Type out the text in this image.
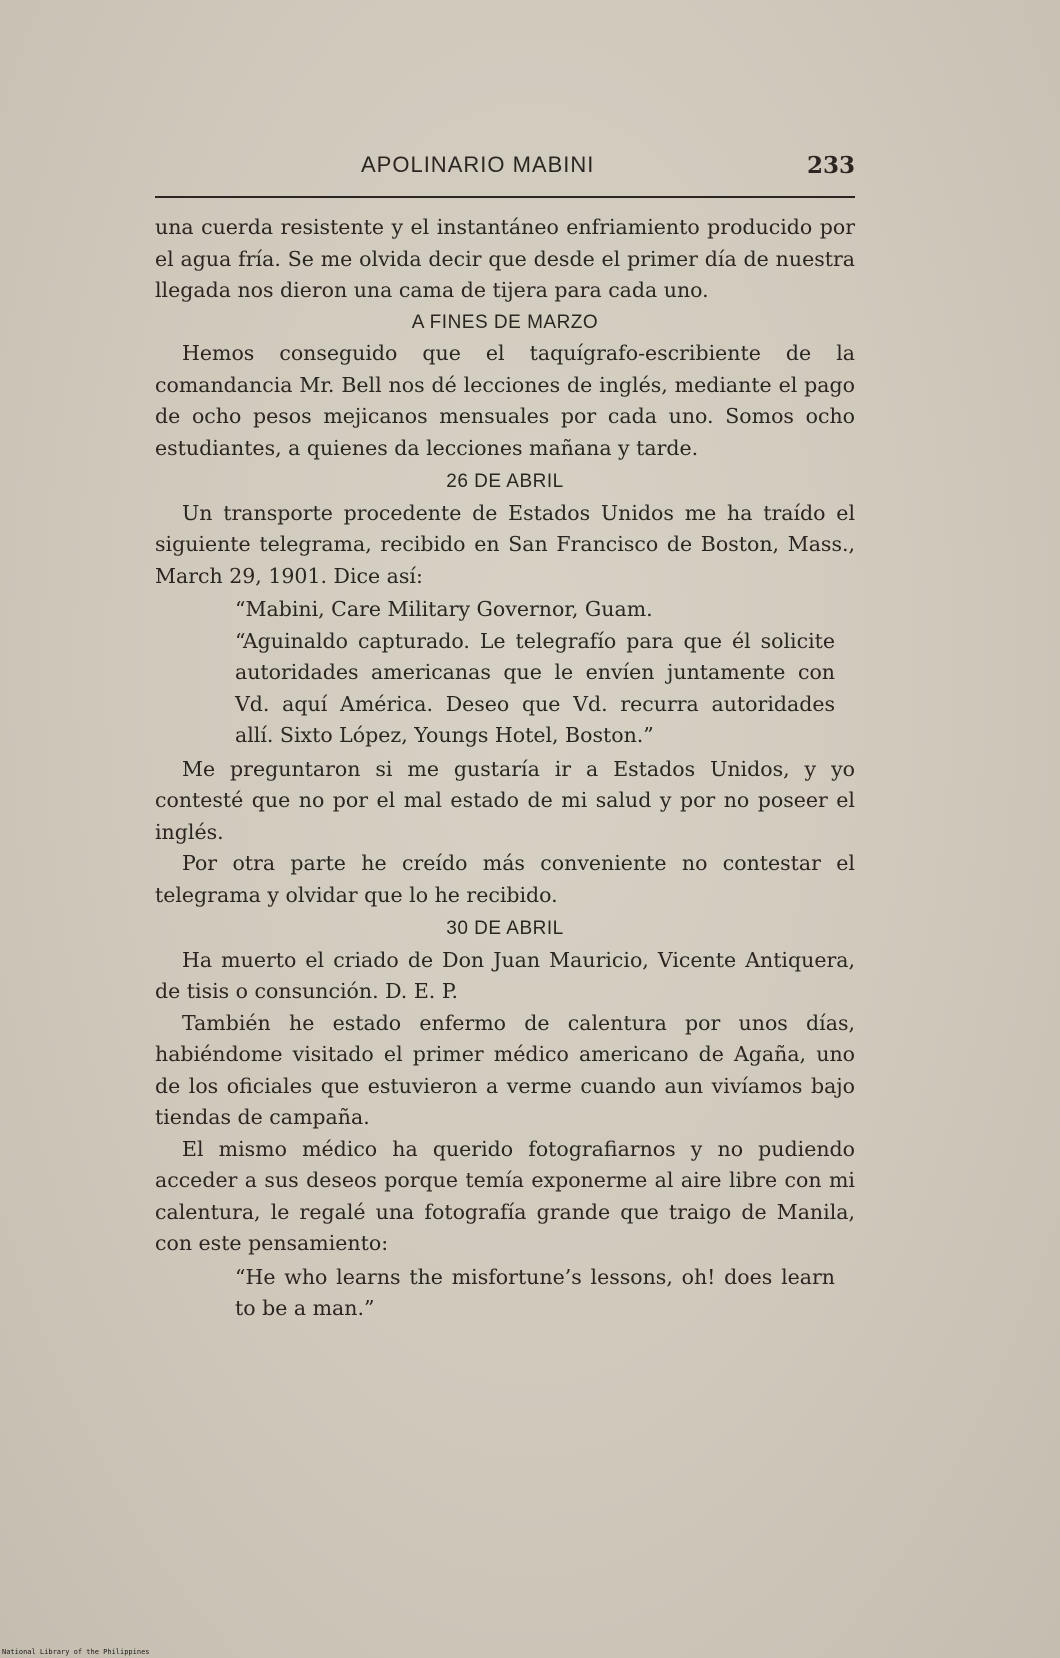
APOLINARIO MABINI	233

una cuerda resistente y el instantáneo enfriamiento producido por el agua fría. Se me olvida decir que desde el primer día de nuestra llegada nos dieron una cama de tijera para cada uno.

A FINES DE MARZO

Hemos conseguido que el taquígrafo-escribiente de la comandancia Mr. Bell nos dé lecciones de inglés, mediante el pago de ocho pesos mejicanos mensuales por cada uno. Somos ocho estudiantes, a quienes da lecciones mañana y tarde.

26 DE ABRIL

Un transporte procedente de Estados Unidos me ha traído el siguiente telegrama, recibido en San Francisco de Boston, Mass., March 29, 1901. Dice así:

“Mabini, Care Military Governor, Guam.

“Aguinaldo capturado. Le telegrafío para que él solicite autoridades americanas que le envíen juntamente con Vd. aquí América. Deseo que Vd. recurra autoridades allí. Sixto López, Youngs Hotel, Boston.”

Me preguntaron si me gustaría ir a Estados Unidos, y yo contesté que no por el mal estado de mi salud y por no poseer el inglés.

Por otra parte he creído más conveniente no contestar el telegrama y olvidar que lo he recibido.

30 DE ABRIL

Ha muerto el criado de Don Juan Mauricio, Vicente Antiquera, de tisis o consunción. D. E. P.

También he estado enfermo de calentura por unos días, habiéndome visitado el primer médico americano de Agaña, uno de los oficiales que estuvieron a verme cuando aun vivíamos bajo tiendas de campaña.

El mismo médico ha querido fotografiarnos y no pudiendo acceder a sus deseos porque temía exponerme al aire libre con mi calentura, le regalé una fotografía grande que traigo de Manila, con este pensamiento:

“He who learns the misfortune’s lessons, oh! does learn to be a man.”

National Library of the Philippines
